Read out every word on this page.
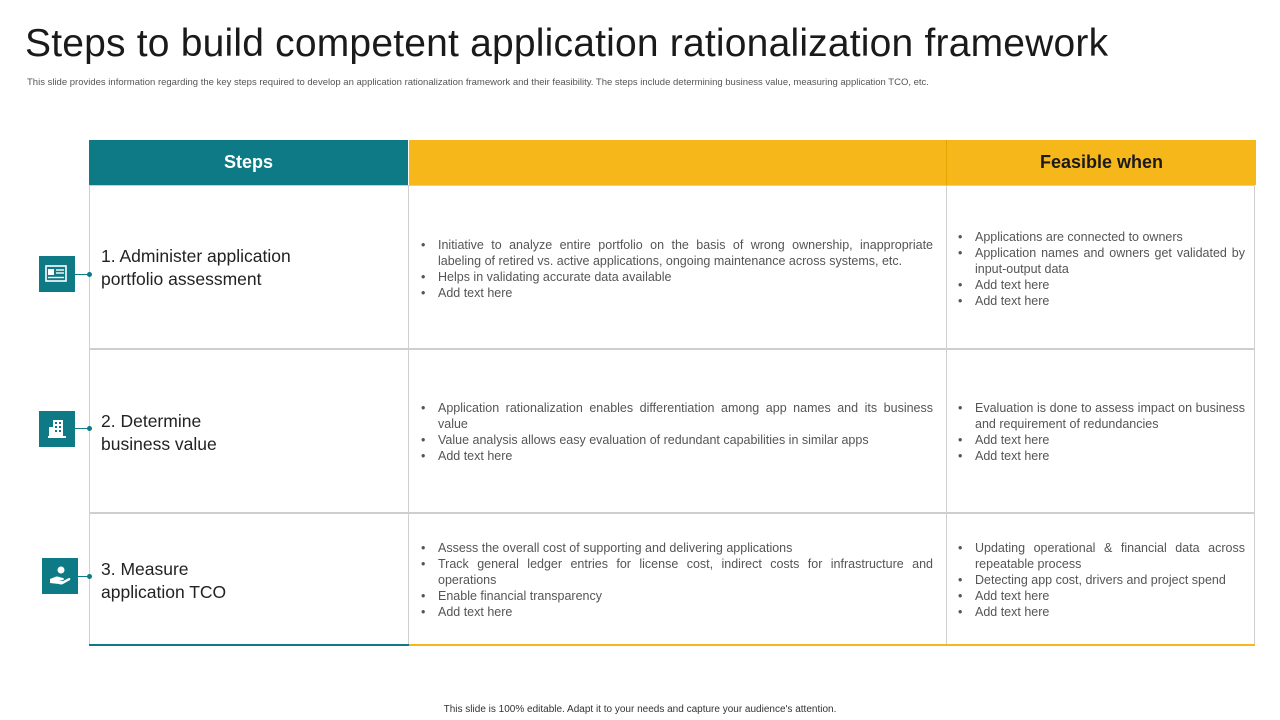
Steps to build competent application rationalization framework
This slide provides information regarding the key steps required to develop an application rationalization framework and their feasibility. The steps include determining business value, measuring application TCO, etc.
Steps	Feasible when
1. Administer application
portfolio assessment
• Initiative to analyze entire portfolio on the basis of wrong ownership, inappropriate labeling of retired vs. active applications, ongoing maintenance across systems, etc.
• Helps in validating accurate data available
• Add text here
• Applications are connected to owners
• Application names and owners get validated by input-output data
• Add text here
• Add text here
2. Determine
business value
• Application rationalization enables differentiation among app names and its business value
• Value analysis allows easy evaluation of redundant capabilities in similar apps
• Add text here
• Evaluation is done to assess impact on business and requirement of redundancies
• Add text here
• Add text here
3. Measure
application TCO
• Assess the overall cost of supporting and delivering applications
• Track general ledger entries for license cost, indirect costs for infrastructure and operations
• Enable financial transparency
• Add text here
• Updating operational & financial data across repeatable process
• Detecting app cost, drivers and project spend
• Add text here
• Add text here
This slide is 100% editable. Adapt it to your needs and capture your audience's attention.
